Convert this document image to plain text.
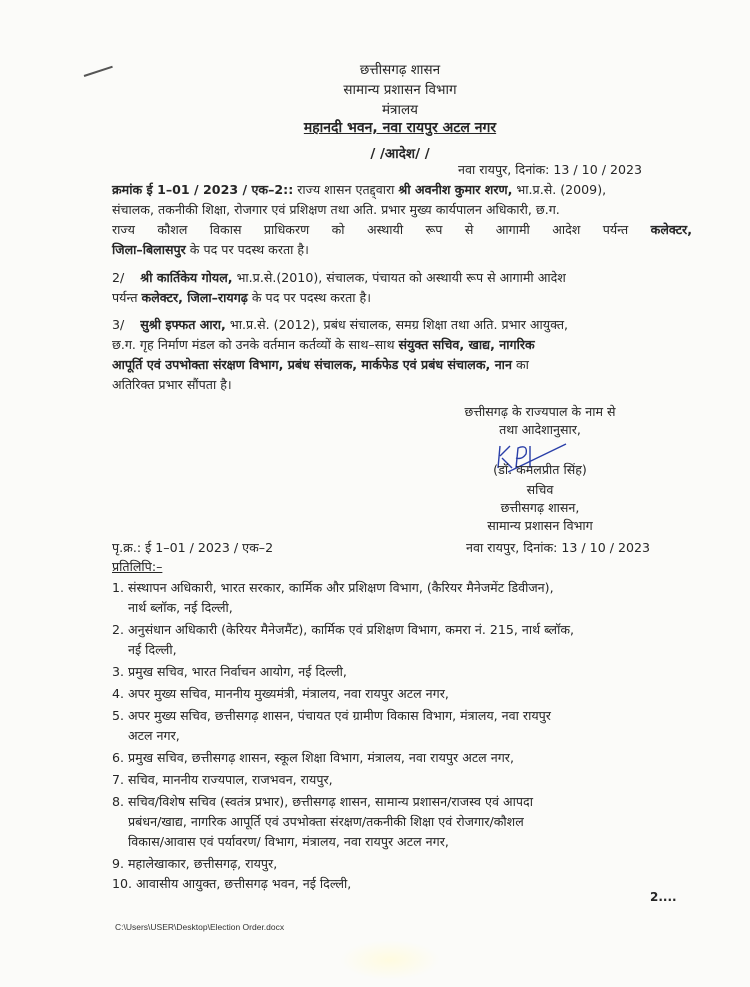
छत्तीसगढ़ शासन
सामान्य प्रशासन विभाग
मंत्रालय
महानदी भवन, नवा रायपुर अटल नगर
/ /आदेश/ /
नवा रायपुर, दिनांक: 13 / 10 / 2023
क्रमांक ई 1–01 / 2023 / एक–2:: राज्य शासन एतद्द्वारा श्री अवनीश कुमार शरण, भा.प्र.से. (2009),
संचालक, तकनीकी शिक्षा, रोजगार एवं प्रशिक्षण तथा अति. प्रभार मुख्य कार्यपालन अधिकारी, छ.ग.
राज्य कौशल विकास प्राधिकरण को अस्थायी रूप से आगामी आदेश पर्यन्त कलेक्टर,
जिला–बिलासपुर के पद पर पदस्थ करता है।
2/ श्री कार्तिकेय गोयल, भा.प्र.से.(2010), संचालक, पंचायत को अस्थायी रूप से आगामी आदेश
पर्यन्त कलेक्टर, जिला–रायगढ़ के पद पर पदस्थ करता है।
3/ सुश्री इफ्फत आरा, भा.प्र.से. (2012), प्रबंध संचालक, समग्र शिक्षा तथा अति. प्रभार आयुक्त,
छ.ग. गृह निर्माण मंडल को उनके वर्तमान कर्तव्यों के साथ–साथ संयुक्त सचिव, खाद्य, नागरिक
आपूर्ति एवं उपभोक्ता संरक्षण विभाग, प्रबंध संचालक, मार्कफेड एवं प्रबंध संचालक, नान का
अतिरिक्त प्रभार सौंपता है।
छत्तीसगढ़ के राज्यपाल के नाम से
तथा आदेशानुसार,
(डॉ. कमलप्रीत सिंह)
सचिव
छत्तीसगढ़ शासन,
सामान्य प्रशासन विभाग
पृ.क्र.: ई 1–01 / 2023 / एक–2	नवा रायपुर, दिनांक: 13 / 10 / 2023
प्रतिलिपि:–
1. संस्थापन अधिकारी, भारत सरकार, कार्मिक और प्रशिक्षण विभाग, (कैरियर मैनेजमेंट डिवीजन),
नार्थ ब्लॉक, नई दिल्ली,
2. अनुसंधान अधिकारी (केरियर मैनेजमैंट), कार्मिक एवं प्रशिक्षण विभाग, कमरा नं. 215, नार्थ ब्लॉक,
नई दिल्ली,
3. प्रमुख सचिव, भारत निर्वाचन आयोग, नई दिल्ली,
4. अपर मुख्य सचिव, माननीय मुख्यमंत्री, मंत्रालय, नवा रायपुर अटल नगर,
5. अपर मुख्य सचिव, छत्तीसगढ़ शासन, पंचायत एवं ग्रामीण विकास विभाग, मंत्रालय, नवा रायपुर
अटल नगर,
6. प्रमुख सचिव, छत्तीसगढ़ शासन, स्कूल शिक्षा विभाग, मंत्रालय, नवा रायपुर अटल नगर,
7. सचिव, माननीय राज्यपाल, राजभवन, रायपुर,
8. सचिव/विशेष सचिव (स्वतंत्र प्रभार), छत्तीसगढ़ शासन, सामान्य प्रशासन/राजस्व एवं आपदा
प्रबंधन/खाद्य, नागरिक आपूर्ति एवं उपभोक्ता संरक्षण/तकनीकी शिक्षा एवं रोजगार/कौशल
विकास/आवास एवं पर्यावरण/ विभाग, मंत्रालय, नवा रायपुर अटल नगर,
9. महालेखाकार, छत्तीसगढ़, रायपुर,
10. आवासीय आयुक्त, छत्तीसगढ़ भवन, नई दिल्ली,
2....
C:\Users\USER\Desktop\Election Order.docx
